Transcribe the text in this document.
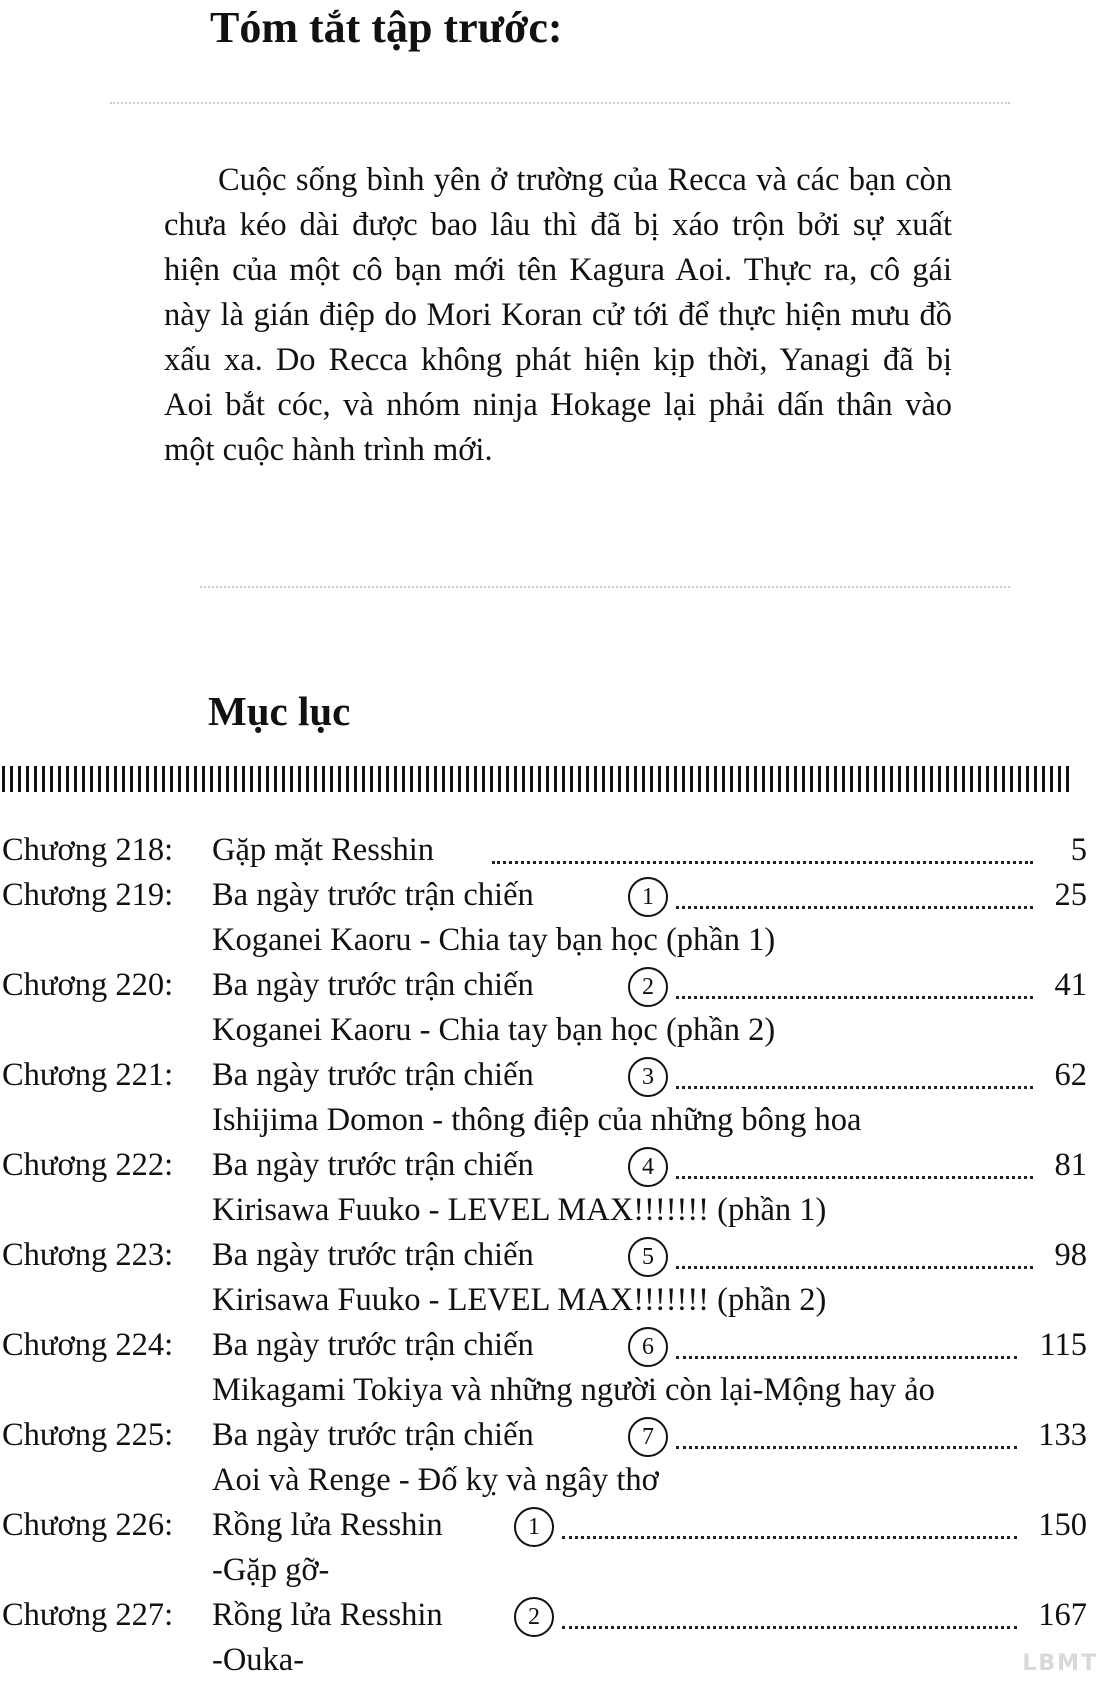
Tóm tắt tập trước:

Cuộc sống bình yên ở trường của Recca và các bạn còn chưa kéo dài được bao lâu thì đã bị xáo trộn bởi sự xuất hiện của một cô bạn mới tên Kagura Aoi. Thực ra, cô gái này là gián điệp do Mori Koran cử tới để thực hiện mưu đồ xấu xa. Do Recca không phát hiện kịp thời, Yanagi đã bị Aoi bắt cóc, và nhóm ninja Hokage lại phải dấn thân vào một cuộc hành trình mới.

Mục lục
Chương 218: Gặp mặt Resshin	5
Chương 219: Ba ngày trước trận chiến	1	25
Koganei Kaoru - Chia tay bạn học (phần 1)
Chương 220: Ba ngày trước trận chiến	2	41
Koganei Kaoru - Chia tay bạn học (phần 2)
Chương 221: Ba ngày trước trận chiến	3	62
Ishijima Domon - thông điệp của những bông hoa
Chương 222: Ba ngày trước trận chiến	4	81
Kirisawa Fuuko - LEVEL MAX!!!!!!! (phần 1)
Chương 223: Ba ngày trước trận chiến	5	98
Kirisawa Fuuko - LEVEL MAX!!!!!!! (phần 2)
Chương 224: Ba ngày trước trận chiến	6	115
Mikagami Tokiya và những người còn lại-Mộng hay ảo
Chương 225: Ba ngày trước trận chiến	7	133
Aoi và Renge - Đố kỵ và ngây thơ
Chương 226: Rồng lửa Resshin	1	150
-Gặp gỡ-
Chương 227: Rồng lửa Resshin	2	167
-Ouka-	LBMT
